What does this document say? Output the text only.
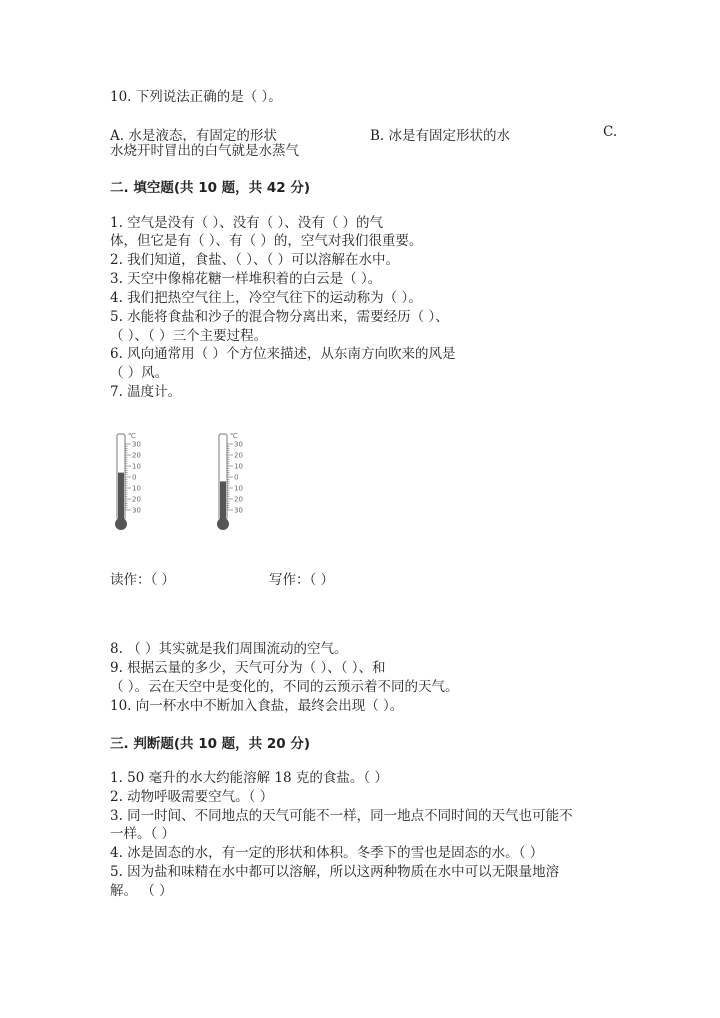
10. 下列说法正确的是（ ）。
A. 水是液态，有固定的形状	B. 冰是有固定形状的水	C.
水烧开时冒出的白气就是水蒸气
二. 填空题(共 10 题，共 42 分)
1. 空气是没有（ ）、没有（ ）、没有（ ）的气
体，但它是有（ ）、有（ ）的，空气对我们很重要。
2. 我们知道，食盐、（ ）、（ ）可以溶解在水中。
3. 天空中像棉花糖一样堆积着的白云是（ ）。
4. 我们把热空气往上，冷空气往下的运动称为（ ）。
5. 水能将食盐和沙子的混合物分离出来，需要经历（ ）、
（ ）、（ ）三个主要过程。
6. 风向通常用（ ）个方位来描述，从东南方向吹来的风是
（ ）风。
7. 温度计。
℃
30
20
10
0
10
20
30
℃
30
20
10
0
10
20
30
读作：（ ）	写作：（ ）
8. （ ）其实就是我们周围流动的空气。
9. 根据云量的多少，天气可分为（ ）、（ ）、和
（ ）。云在天空中是变化的，不同的云预示着不同的天气。
10. 向一杯水中不断加入食盐，最终会出现（ ）。
三. 判断题(共 10 题，共 20 分)
1. 50 毫升的水大约能溶解 18 克的食盐。（ ）
2. 动物呼吸需要空气。（ ）
3. 同一时间、不同地点的天气可能不一样，同一地点不同时间的天气也可能不
一样。（ ）
4. 冰是固态的水，有一定的形状和体积。冬季下的雪也是固态的水。（ ）
5. 因为盐和味精在水中都可以溶解，所以这两种物质在水中可以无限量地溶
解。 （ ）
